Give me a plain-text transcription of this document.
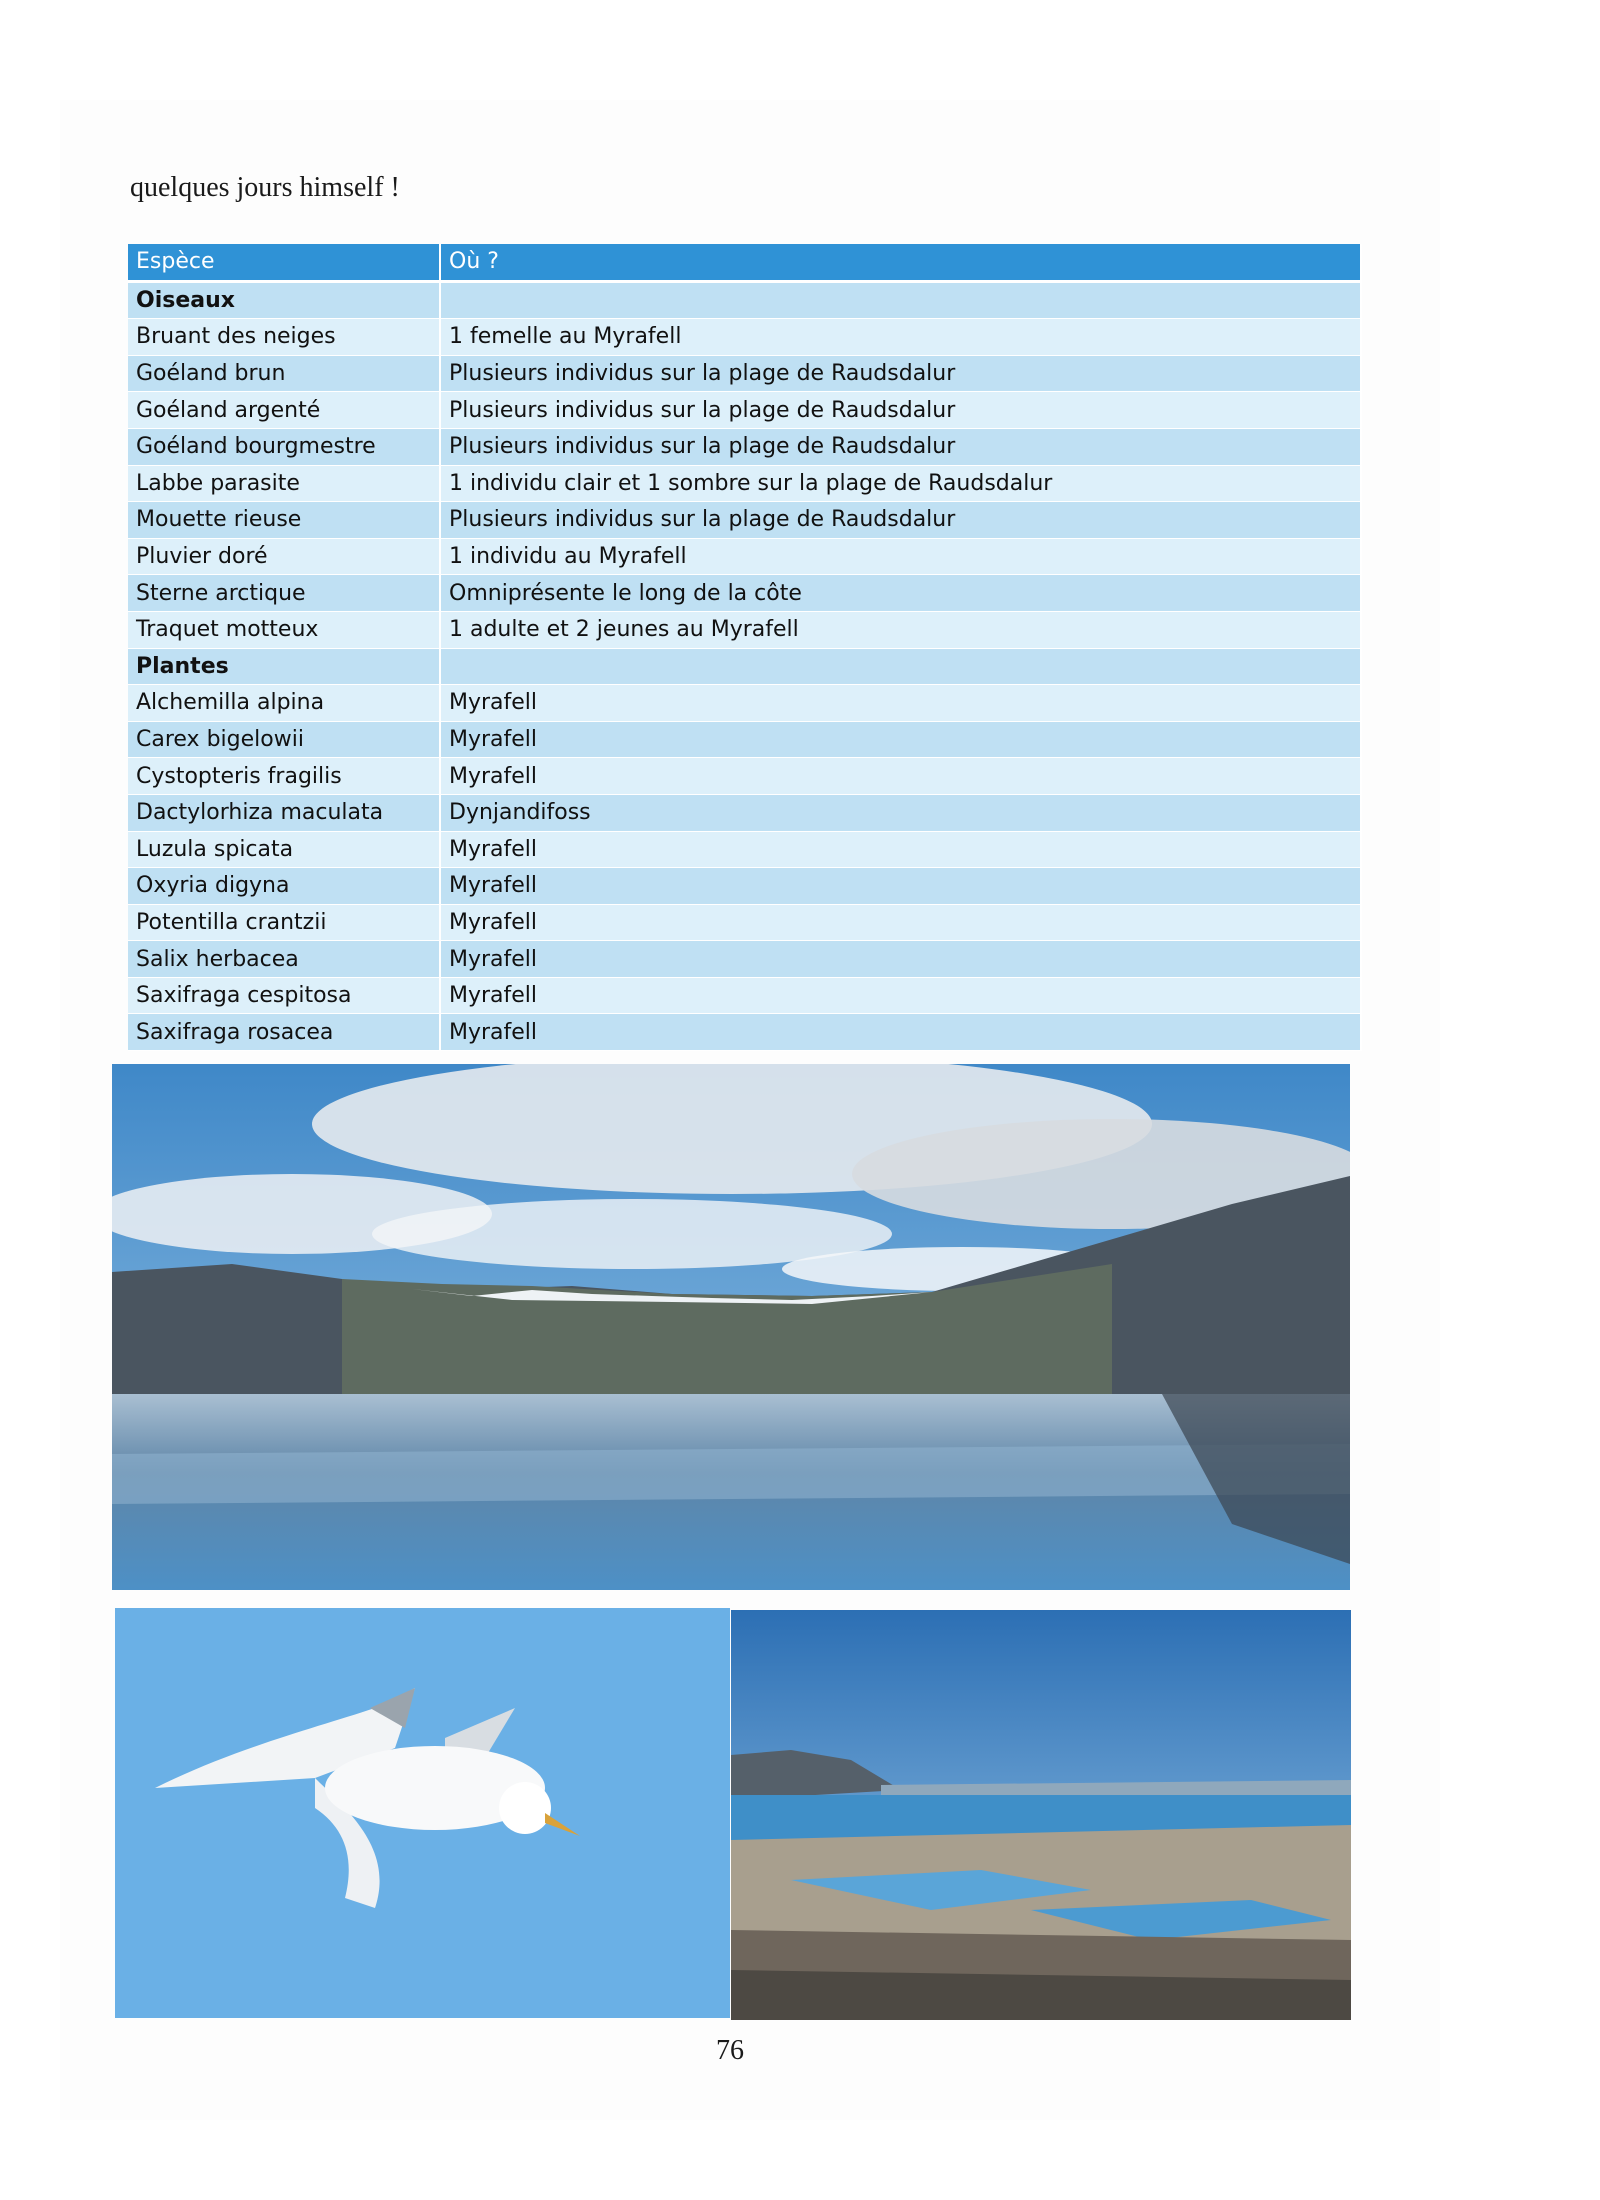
quelques jours himself !
Espèce	Où ?
Oiseaux	
Bruant des neiges	1 femelle au Myrafell
Goéland brun	Plusieurs individus sur la plage de Raudsdalur
Goéland argenté	Plusieurs individus sur la plage de Raudsdalur
Goéland bourgmestre	Plusieurs individus sur la plage de Raudsdalur
Labbe parasite	1 individu clair et 1 sombre sur la plage de Raudsdalur
Mouette rieuse	Plusieurs individus sur la plage de Raudsdalur
Pluvier doré	1 individu au Myrafell
Sterne arctique	Omniprésente le long de la côte
Traquet motteux	1 adulte et 2 jeunes au Myrafell
Plantes	
Alchemilla alpina	Myrafell
Carex bigelowii	Myrafell
Cystopteris fragilis	Myrafell
Dactylorhiza maculata	Dynjandifoss
Luzula spicata	Myrafell
Oxyria digyna	Myrafell
Potentilla crantzii	Myrafell
Salix herbacea	Myrafell
Saxifraga cespitosa	Myrafell
Saxifraga rosacea	Myrafell
76
